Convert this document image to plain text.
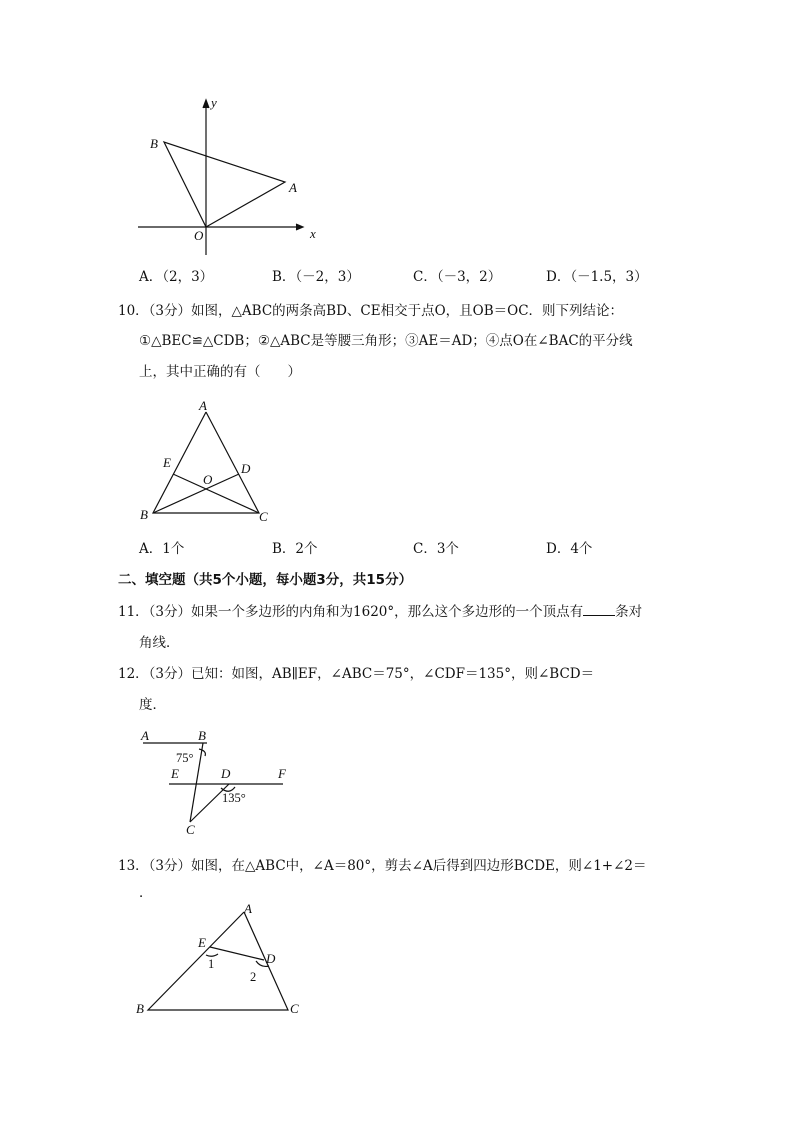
y
x
O
A
B
A．（2，3）	B．（－2，3）	C．（－3，2）	D．（－1.5，3）
10．（3分）如图，△ABC的两条高BD、CE相交于点O，且OB＝OC．则下列结论：
①△BEC≌△CDB；②△ABC是等腰三角形；③AE＝AD；④点O在∠BAC的平分线
上，其中正确的有（　　）
A
B	C
D
E
O
A．1个	B．2个	C．3个	D．4个
二、填空题（共5个小题，每小题3分，共15分）
11．（3分）如果一个多边形的内角和为1620°，那么这个多边形的一个顶点有 条对
角线．
12．（3分）已知：如图，AB∥EF，∠ABC＝75°，∠CDF＝135°，则∠BCD＝
度．
A	B
E	D	F
C
75°
135°
13．（3分）如图，在△ABC中，∠A＝80°，剪去∠A后得到四边形BCDE，则∠1+∠2＝
．
A
B	C
D
E
1
2
